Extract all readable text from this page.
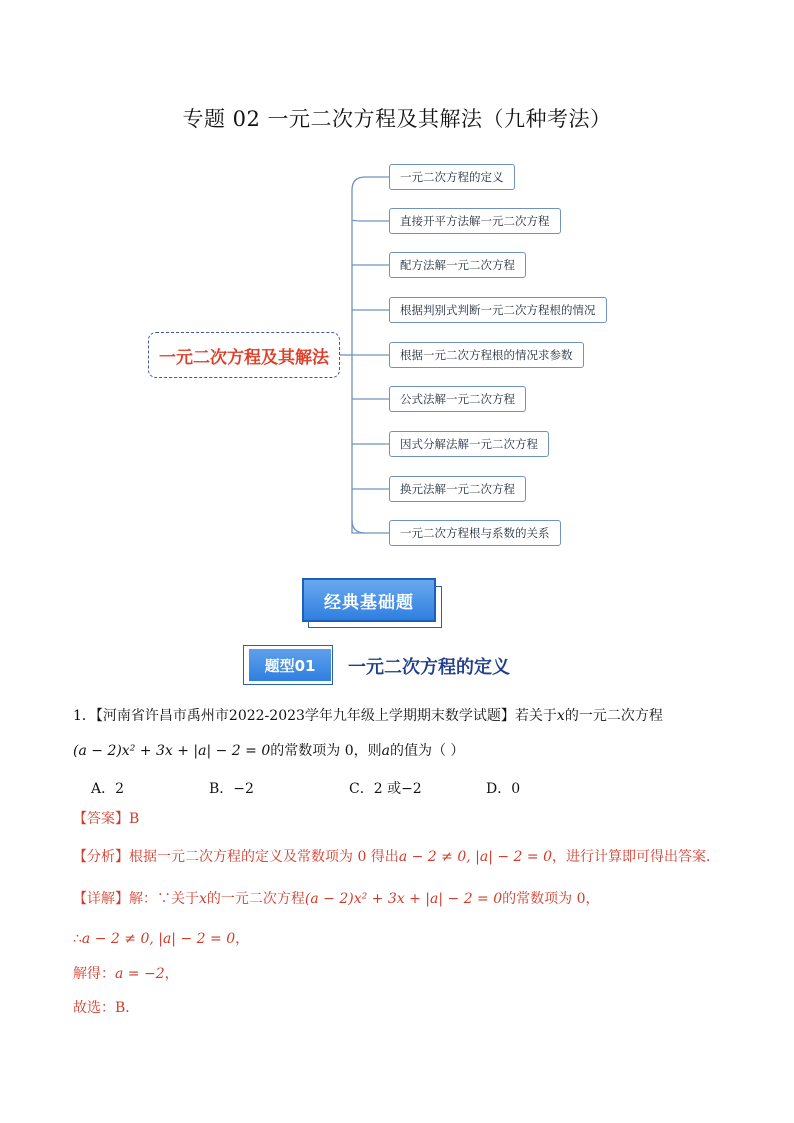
专题 02 一元二次方程及其解法（九种考法）
一元二次方程及其解法
一元二次方程的定义
直接开平方法解一元二次方程
配方法解一元二次方程
根据判别式判断一元二次方程根的情况
根据一元二次方程根的情况求参数
公式法解一元二次方程
因式分解法解一元二次方程
换元法解一元二次方程
一元二次方程根与系数的关系
经典基础题
题型01	一元二次方程的定义
1．【河南省许昌市禹州市2022-2023学年九年级上学期期末数学试题】若关于x的一元二次方程
(a − 2)x² + 3x + |a| − 2 = 0的常数项为 0，则a的值为（ ）
A．2	B．−2	C．2 或−2	D．0
【答案】B
【分析】根据一元二次方程的定义及常数项为 0 得出a − 2 ≠ 0, |a| − 2 = 0，进行计算即可得出答案．
【详解】解：∵关于x的一元二次方程(a − 2)x² + 3x + |a| − 2 = 0的常数项为 0，
∴a − 2 ≠ 0, |a| − 2 = 0，
解得：a = −2，
故选：B．
